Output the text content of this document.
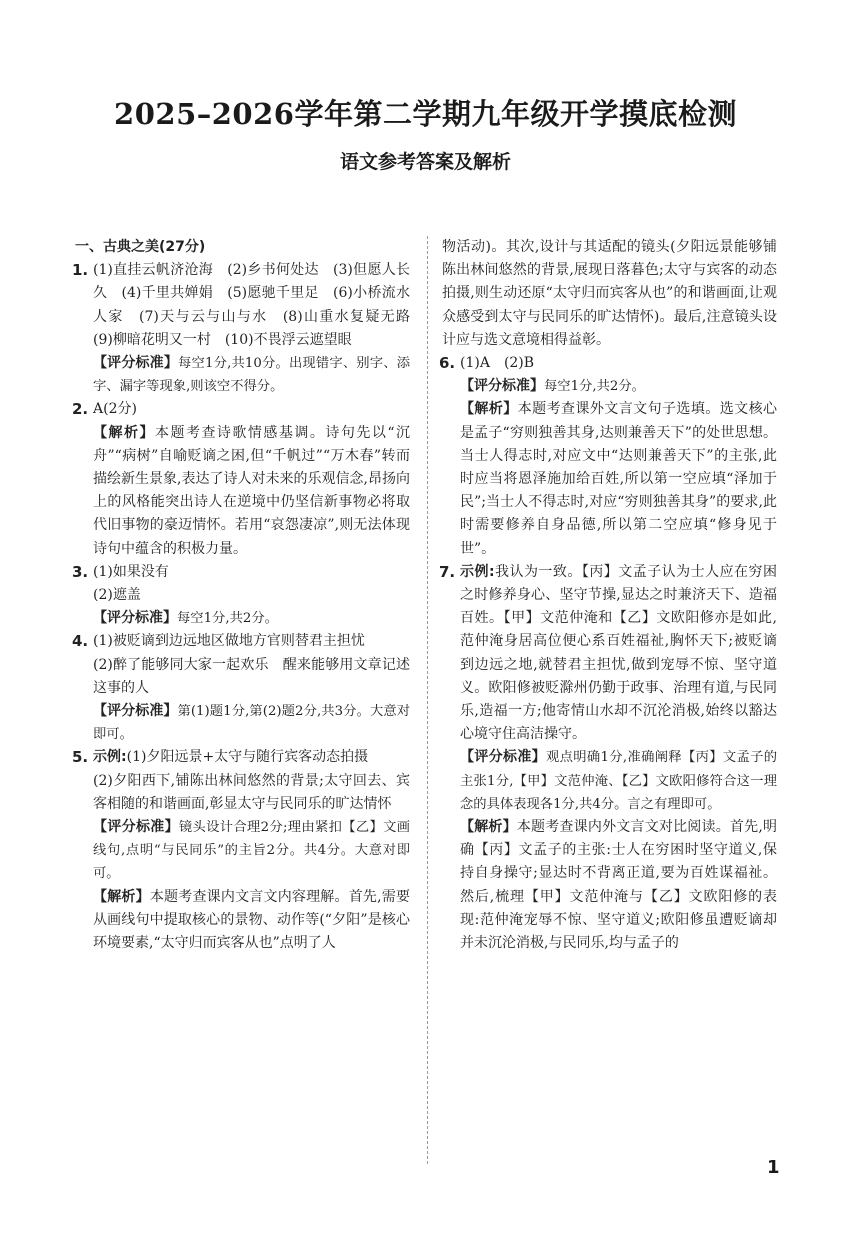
2025–2026学年第二学期九年级开学摸底检测
语文参考答案及解析

一、古典之美(27分)

1. (1)直挂云帆济沧海　(2)乡书何处达　(3)但愿人长久　(4)千里共婵娟　(5)愿驰千里足　(6)小桥流水人家　(7)天与云与山与水　(8)山重水复疑无路　(9)柳暗花明又一村　(10)不畏浮云遮望眼

【评分标准】每空1分,共10分。出现错字、别字、添字、漏字等现象,则该空不得分。

2. A(2分)

【解析】本题考查诗歌情感基调。诗句先以“沉舟”“病树”自喻贬谪之困,但“千帆过”“万木春”转而描绘新生景象,表达了诗人对未来的乐观信念,昂扬向上的风格能突出诗人在逆境中仍坚信新事物必将取代旧事物的豪迈情怀。若用“哀怨凄凉”,则无法体现诗句中蕴含的积极力量。

3. (1)如果没有

(2)遮盖

【评分标准】每空1分,共2分。

4. (1)被贬谪到边远地区做地方官则替君主担忧

(2)醉了能够同大家一起欢乐　醒来能够用文章记述这事的人

【评分标准】第(1)题1分,第(2)题2分,共3分。大意对即可。

5. 示例:(1)夕阳远景+太守与随行宾客动态拍摄

(2)夕阳西下,铺陈出林间悠然的背景;太守回去、宾客相随的和谐画面,彰显太守与民同乐的旷达情怀

【评分标准】镜头设计合理2分;理由紧扣【乙】文画线句,点明“与民同乐”的主旨2分。共4分。大意对即可。

【解析】本题考查课内文言文内容理解。首先,需要从画线句中提取核心的景物、动作等(“夕阳”是核心环境要素,“太守归而宾客从也”点明了人

物活动)。其次,设计与其适配的镜头(夕阳远景能够铺陈出林间悠然的背景,展现日落暮色;太守与宾客的动态拍摄,则生动还原“太守归而宾客从也”的和谐画面,让观众感受到太守与民同乐的旷达情怀)。最后,注意镜头设计应与选文意境相得益彰。

6. (1)A　(2)B

【评分标准】每空1分,共2分。

【解析】本题考查课外文言文句子选填。选文核心是孟子“穷则独善其身,达则兼善天下”的处世思想。当士人得志时,对应文中“达则兼善天下”的主张,此时应当将恩泽施加给百姓,所以第一空应填“泽加于民”;当士人不得志时,对应“穷则独善其身”的要求,此时需要修养自身品德,所以第二空应填“修身见于世”。

7. 示例:我认为一致。【丙】文孟子认为士人应在穷困之时修养身心、坚守节操,显达之时兼济天下、造福百姓。【甲】文范仲淹和【乙】文欧阳修亦是如此,范仲淹身居高位便心系百姓福祉,胸怀天下;被贬谪到边远之地,就替君主担忧,做到宠辱不惊、坚守道义。欧阳修被贬滁州仍勤于政事、治理有道,与民同乐,造福一方;他寄情山水却不沉沦消极,始终以豁达心境守住高洁操守。

【评分标准】观点明确1分,准确阐释【丙】文孟子的主张1分,【甲】文范仲淹、【乙】文欧阳修符合这一理念的具体表现各1分,共4分。言之有理即可。

【解析】本题考查课内外文言文对比阅读。首先,明确【丙】文孟子的主张:士人在穷困时坚守道义,保持自身操守;显达时不背离正道,要为百姓谋福祉。然后,梳理【甲】文范仲淹与【乙】文欧阳修的表现:范仲淹宠辱不惊、坚守道义;欧阳修虽遭贬谪却并未沉沦消极,与民同乐,均与孟子的

1
